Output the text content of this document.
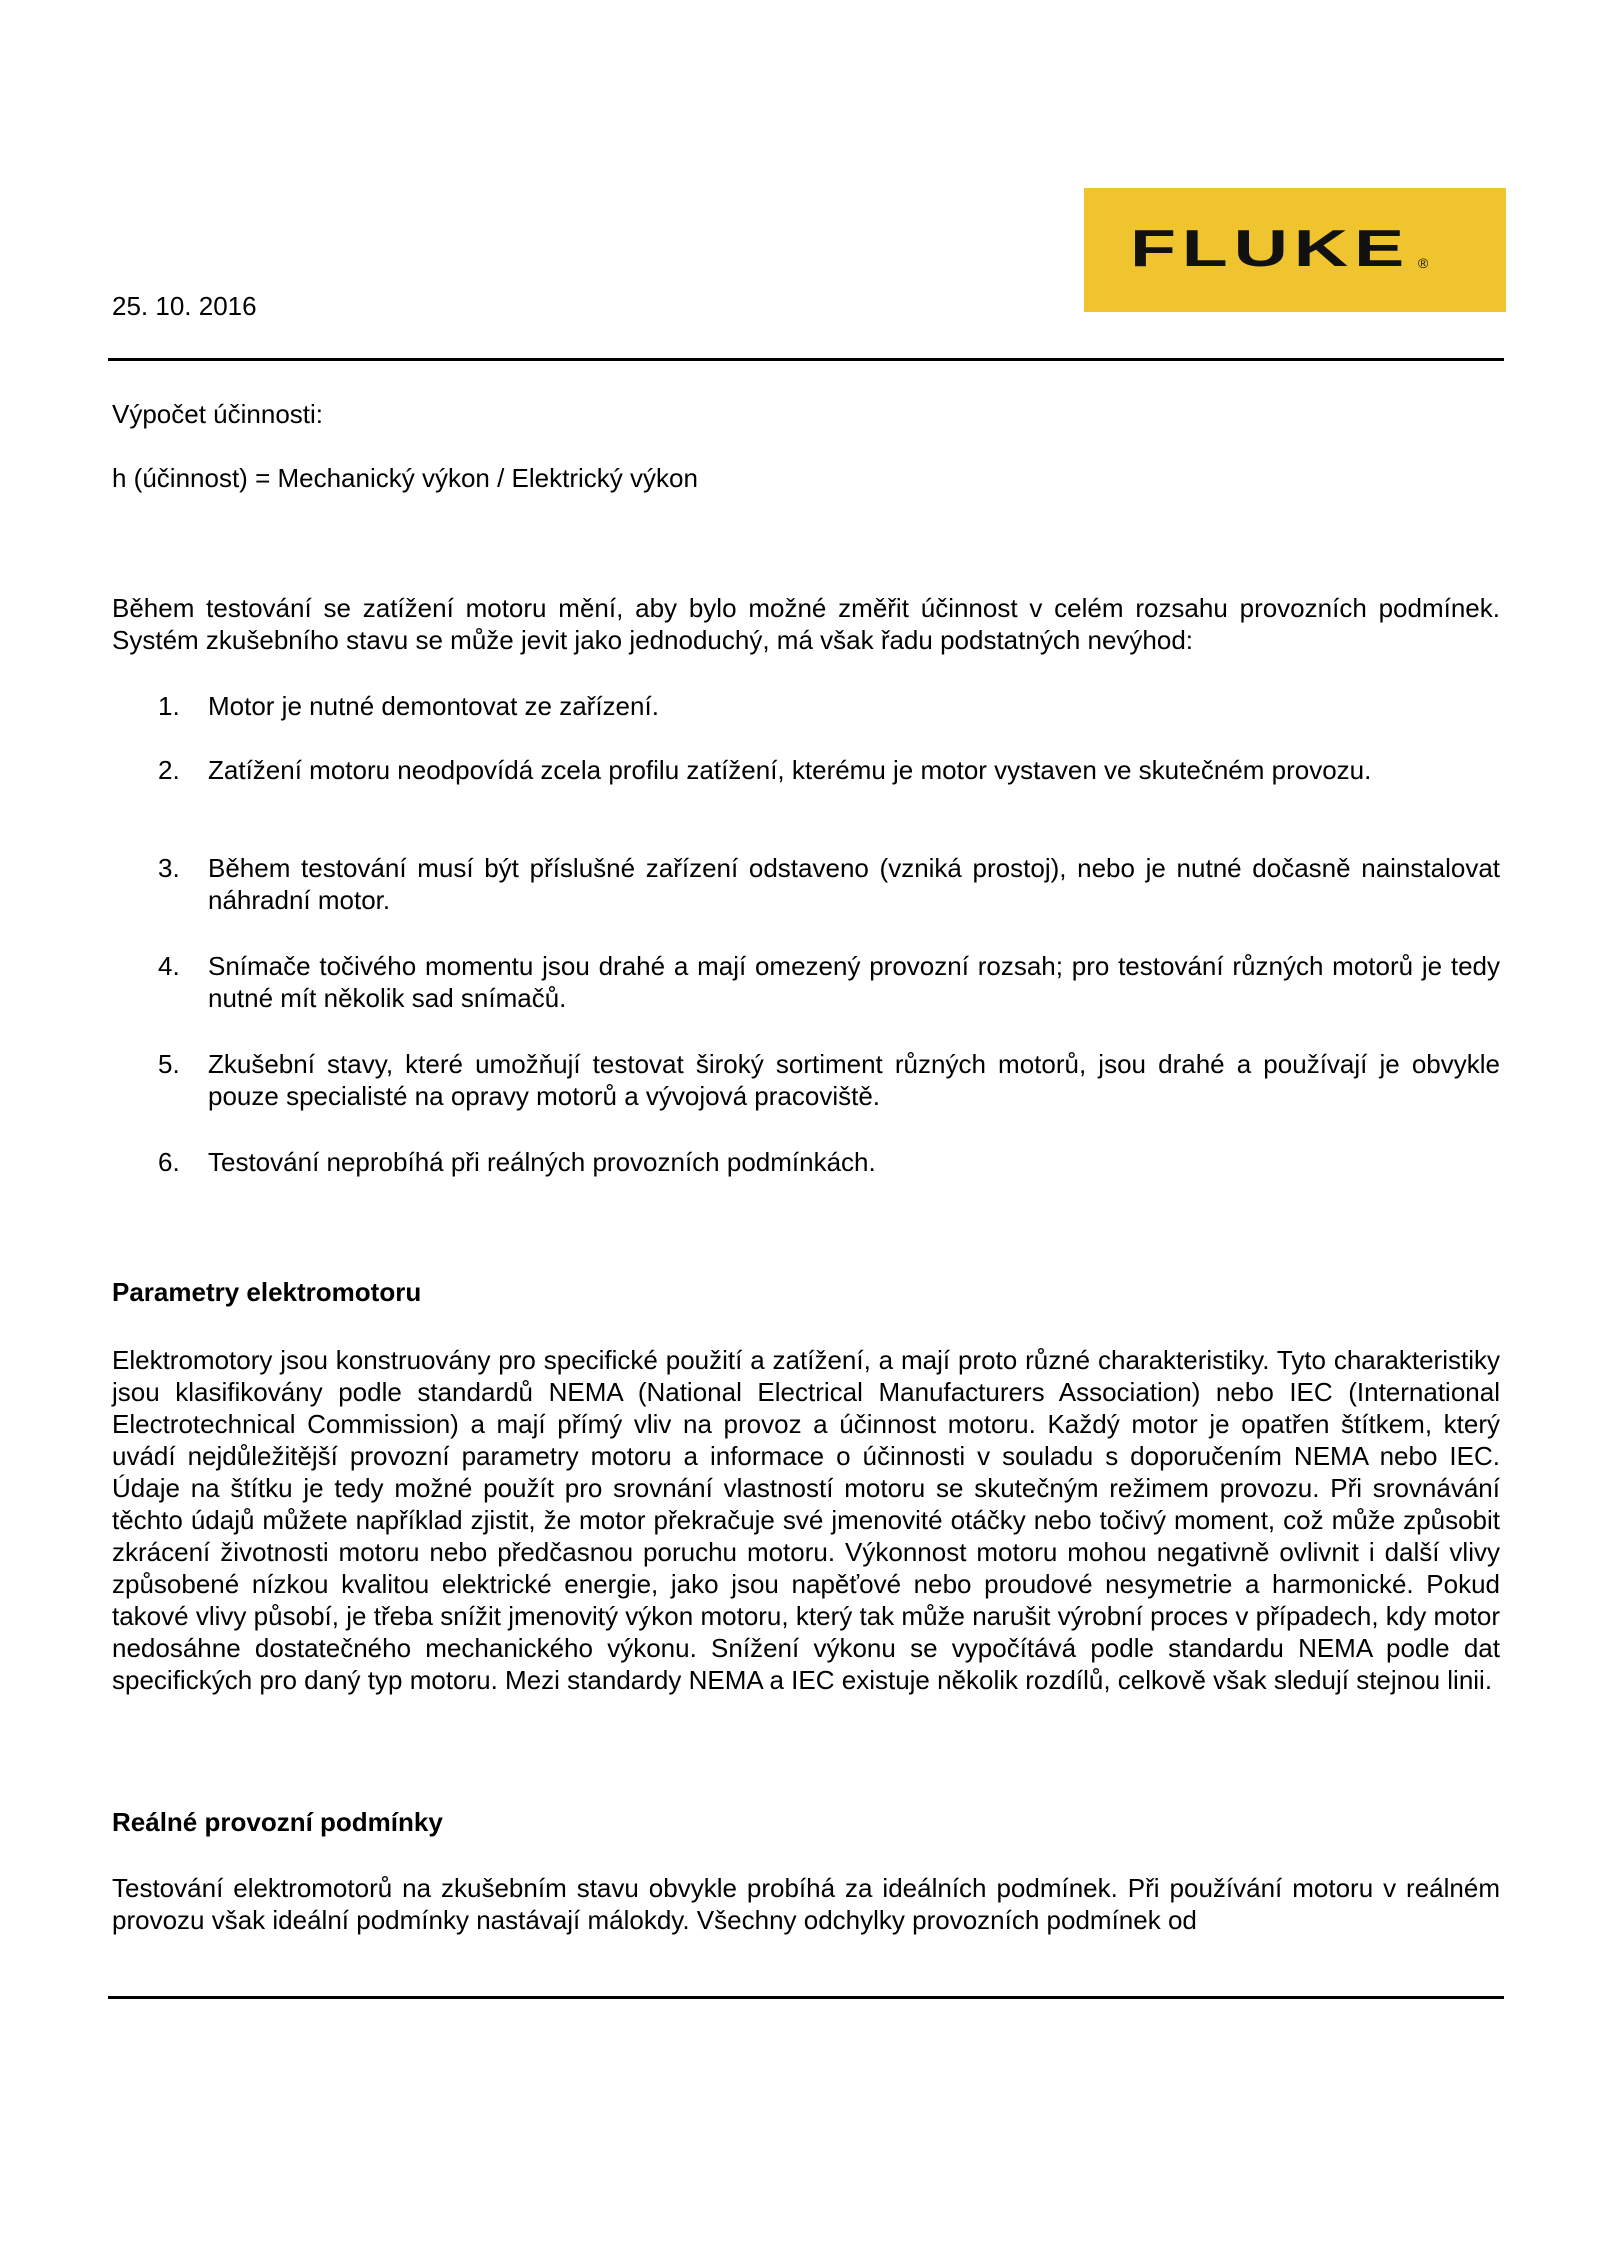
25. 10. 2016
FLUKE ®

Výpočet účinnosti:

h (účinnost) = Mechanický výkon / Elektrický výkon

Během testování se zatížení motoru mění, aby bylo možné změřit účinnost v celém rozsahu provozních podmínek. Systém zkušebního stavu se může jevit jako jednoduchý, má však řadu podstatných nevýhod:

1.	Motor je nutné demontovat ze zařízení.
2.	Zatížení motoru neodpovídá zcela profilu zatížení, kterému je motor vystaven ve skutečném provozu.
3.	Během testování musí být příslušné zařízení odstaveno (vzniká prostoj), nebo je nutné dočasně nainstalovat náhradní motor.
4.	Snímače točivého momentu jsou drahé a mají omezený provozní rozsah; pro testování různých motorů je tedy nutné mít několik sad snímačů.
5.	Zkušební stavy, které umožňují testovat široký sortiment různých motorů, jsou drahé a používají je obvykle pouze specialisté na opravy motorů a vývojová pracoviště.
6.	Testování neprobíhá při reálných provozních podmínkách.

Parametry elektromotoru

Elektromotory jsou konstruovány pro specifické použití a zatížení, a mají proto různé charakteristiky. Tyto charakteristiky jsou klasifikovány podle standardů NEMA (National Electrical Manufacturers Association) nebo IEC (International Electrotechnical Commission) a mají přímý vliv na provoz a účinnost motoru. Každý motor je opatřen štítkem, který uvádí nejdůležitější provozní parametry motoru a informace o účinnosti v souladu s doporučením NEMA nebo IEC. Údaje na štítku je tedy možné použít pro srovnání vlastností motoru se skutečným režimem provozu. Při srovnávání těchto údajů můžete například zjistit, že motor překračuje své jmenovité otáčky nebo točivý moment, což může způsobit zkrácení životnosti motoru nebo předčasnou poruchu motoru. Výkonnost motoru mohou negativně ovlivnit i další vlivy způsobené nízkou kvalitou elektrické energie, jako jsou napěťové nebo proudové nesymetrie a harmonické. Pokud takové vlivy působí, je třeba snížit jmenovitý výkon motoru, který tak může narušit výrobní proces v případech, kdy motor nedosáhne dostatečného mechanického výkonu. Snížení výkonu se vypočítává podle standardu NEMA podle dat specifických pro daný typ motoru. Mezi standardy NEMA a IEC existuje několik rozdílů, celkově však sledují stejnou linii.

Reálné provozní podmínky

Testování elektromotorů na zkušebním stavu obvykle probíhá za ideálních podmínek. Při používání motoru v reálném provozu však ideální podmínky nastávají málokdy. Všechny odchylky provozních podmínek od
